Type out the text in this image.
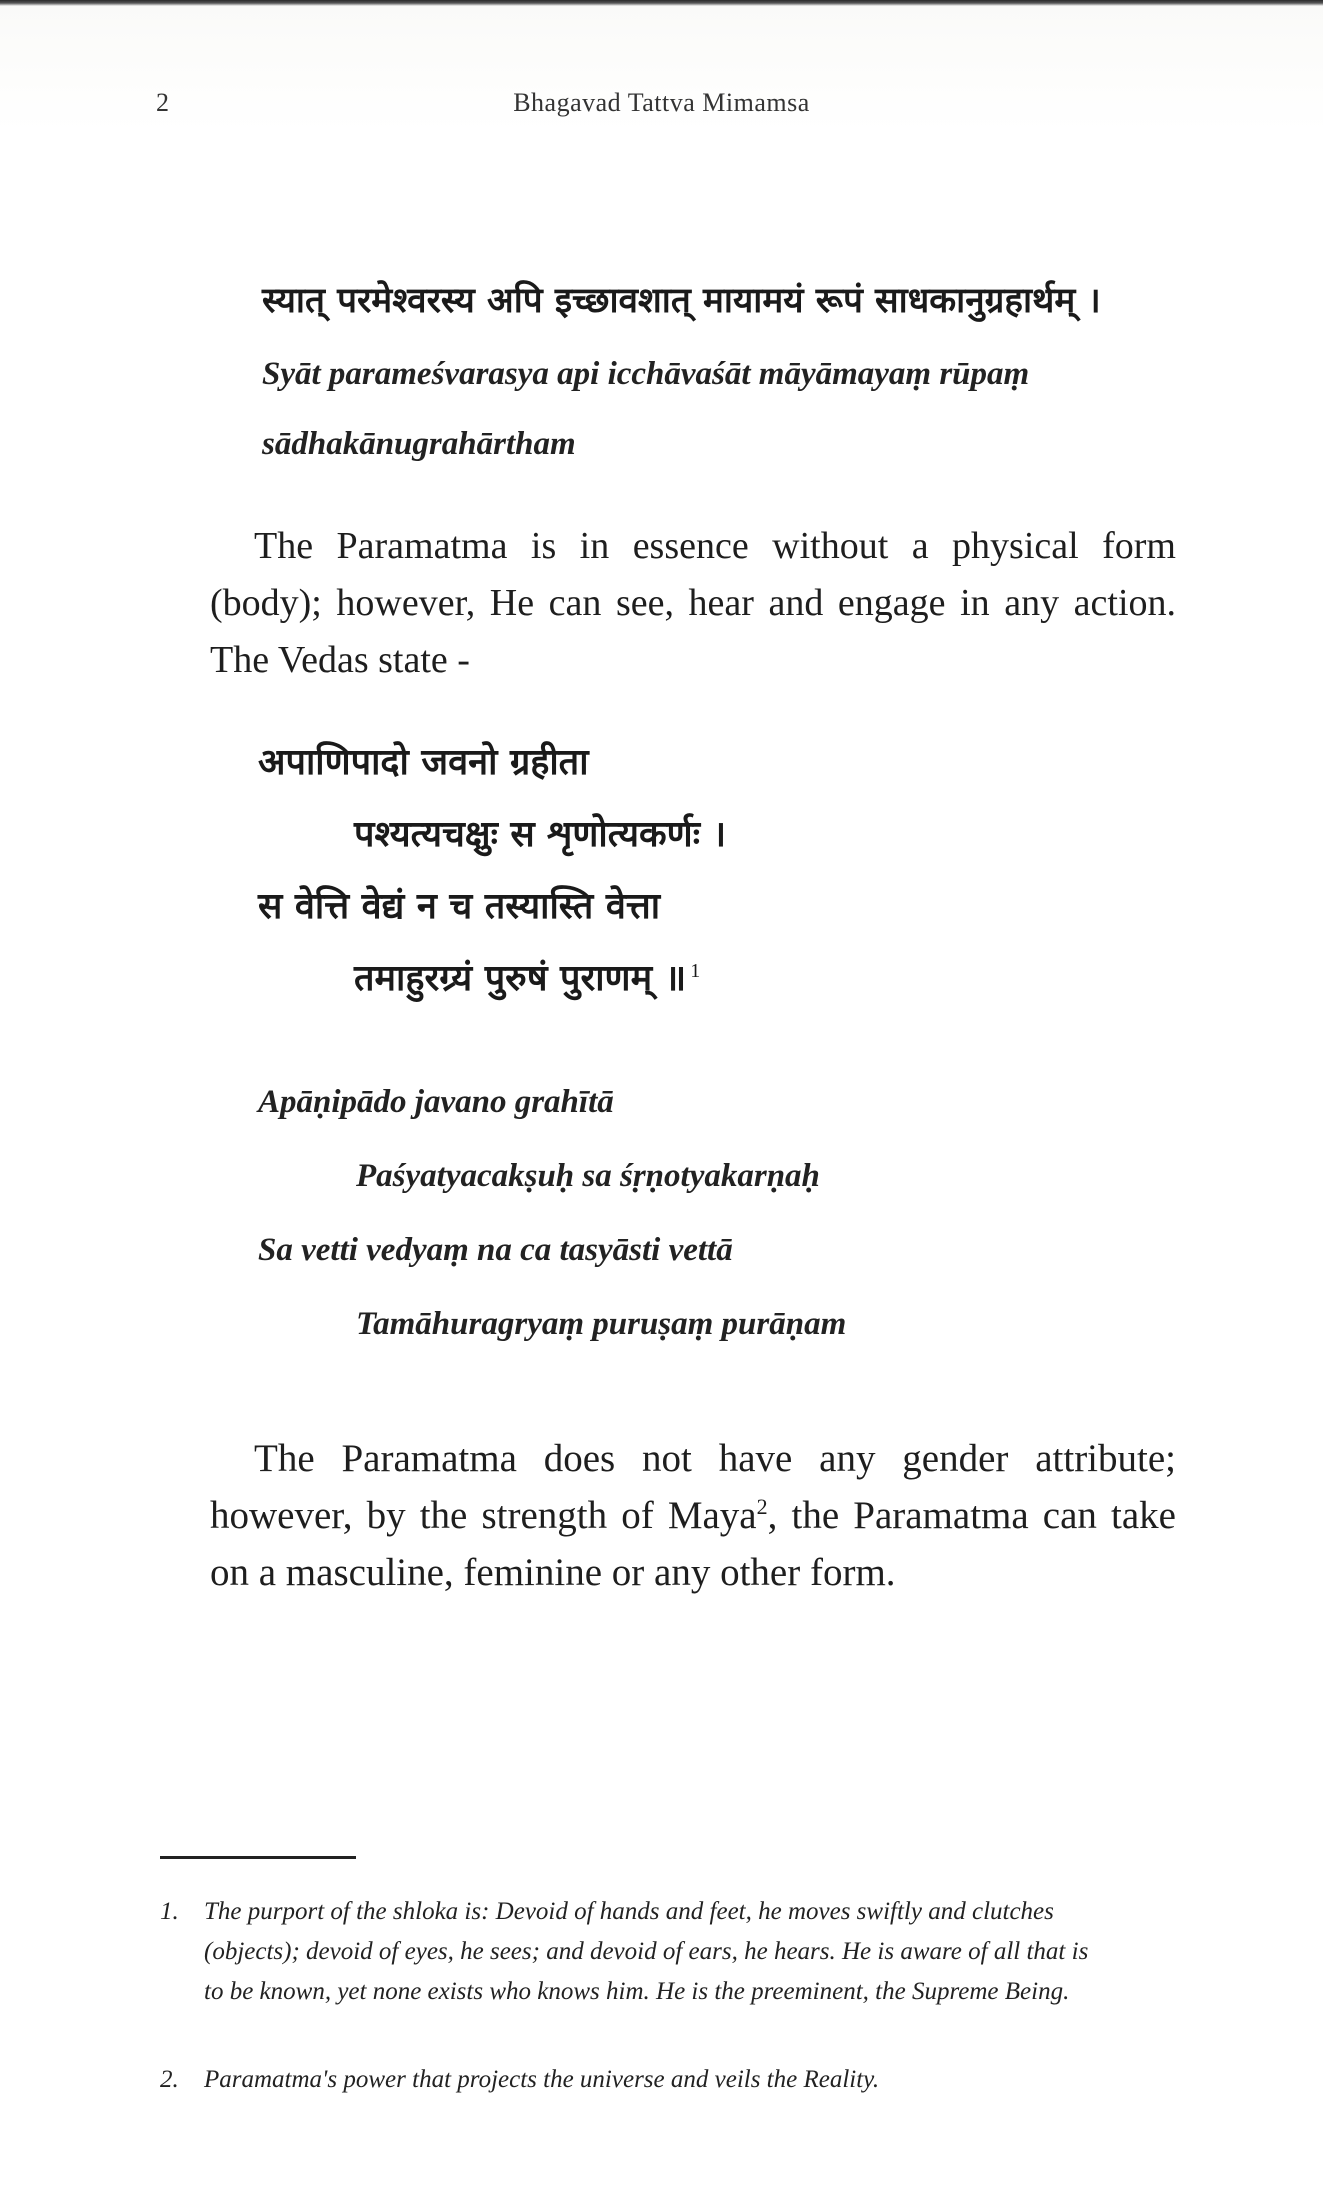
2	Bhagavad Tattva Mimamsa
स्यात् परमेश्वरस्य अपि इच्छावशात् मायामयं रूपं साधकानुग्रहार्थम् ।
Syāt parameśvarasya api icchāvaśāt māyāmayaṃ rūpaṃ
sādhakānugrahārtham
The Paramatma is in essence without a physical form (body); however, He can see, hear and engage in any action. The Vedas state -
अपाणिपादो जवनो ग्रहीता
पश्यत्यचक्षुः स शृणोत्यकर्णः ।
स वेत्ति वेद्यं न च तस्यास्ति वेत्ता
तमाहुरग्र्यं पुरुषं पुराणम् ॥ $^1$
Apāṇipādo javano grahītā
Paśyatyacakṣuḥ sa śṛṇotyakarṇaḥ
Sa vetti vedyaṃ na ca tasyāsti vettā
Tamāhuragryaṃ puruṣaṃ purāṇam
The Paramatma does not have any gender attribute; however, by the strength of Maya$^2$, the Paramatma can take on a masculine, feminine or any other form.
1. The purport of the shloka is: Devoid of hands and feet, he moves swiftly and clutches (objects); devoid of eyes, he sees; and devoid of ears, he hears. He is aware of all that is to be known, yet none exists who knows him. He is the preeminent, the Supreme Being.
2. Paramatma's power that projects the universe and veils the Reality.
